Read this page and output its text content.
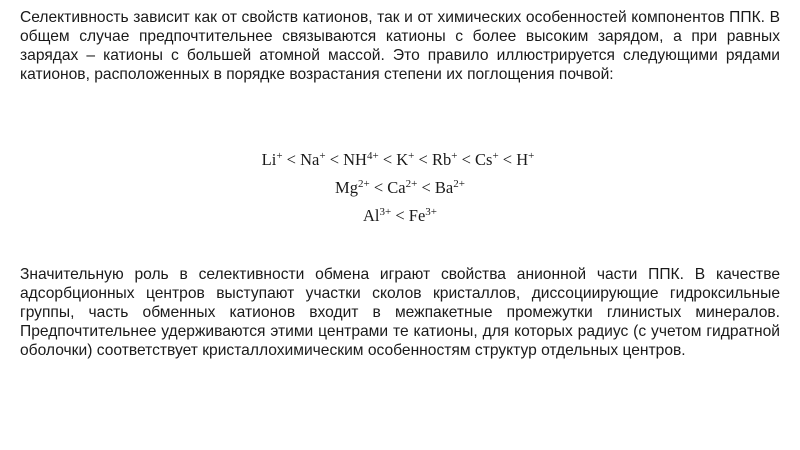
Селективность зависит как от свойств катионов, так и от химических особенностей компонентов ППК. В общем случае предпочтительнее связываются катионы с более высоким зарядом, а при равных зарядах – катионы с большей атомной массой. Это правило иллюстрируется следующими рядами катионов, расположенных в порядке возрастания степени их поглощения почвой:

$Li^+ < Na^+ < NH^{4+} < K^+ < Rb^+ < Cs^+ < H^+$
$Mg^{2+} < Ca^{2+} < Ba^{2+}$
$Al^{3+} < Fe^{3+}$

Значительную роль в селективности обмена играют свойства анионной части ППК. В качестве адсорбционных центров выступают участки сколов кристаллов, диссоциирующие гидроксильные группы, часть обменных катионов входит в межпакетные промежутки глинистых минералов. Предпочтительнее удерживаются этими центрами те катионы, для которых радиус (с учетом гидратной оболочки) соответствует кристаллохимическим особенностям структур отдельных центров.
